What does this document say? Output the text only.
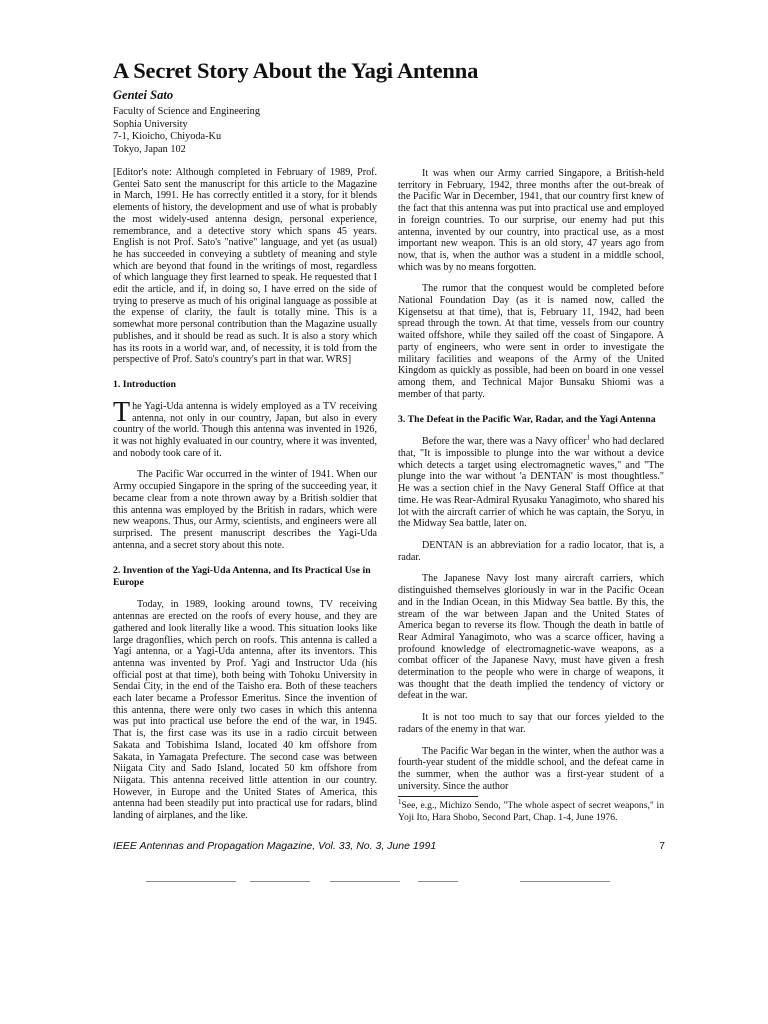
A Secret Story About the Yagi Antenna
Gentei Sato
Faculty of Science and Engineering
Sophia University
7-1, Kioicho, Chiyoda-Ku
Tokyo, Japan 102

[Editor's note: Although completed in February of 1989, Prof. Gentei Sato sent the manuscript for this article to the Magazine in March, 1991. He has correctly entitled it a story, for it blends elements of history, the development and use of what is probably the most widely-used antenna design, personal experience, remembrance, and a detective story which spans 45 years. English is not Prof. Sato's "native" language, and yet (as usual) he has succeeded in conveying a subtlety of meaning and style which are beyond that found in the writings of most, regardless of which language they first learned to speak. He requested that I edit the article, and if, in doing so, I have erred on the side of trying to preserve as much of his original language as possible at the expense of clarity, the fault is totally mine. This is a somewhat more personal contribution than the Magazine usually publishes, and it should be read as such. It is also a story which has its roots in a world war, and, of necessity, it is told from the perspective of Prof. Sato's country's part in that war. WRS]

1. Introduction

The Yagi-Uda antenna is widely employed as a TV receiving antenna, not only in our country, Japan, but also in every country of the world. Though this antenna was invented in 1926, it was not highly evaluated in our country, where it was invented, and nobody took care of it.

The Pacific War occurred in the winter of 1941. When our Army occupied Singapore in the spring of the succeeding year, it became clear from a note thrown away by a British soldier that this antenna was employed by the British in radars, which were new weapons. Thus, our Army, scientists, and engineers were all surprised. The present manuscript describes the Yagi-Uda antenna, and a secret story about this note.

2. Invention of the Yagi-Uda Antenna, and Its Practical Use in Europe

Today, in 1989, looking around towns, TV receiving antennas are erected on the roofs of every house, and they are gathered and look literally like a wood. This situation looks like large dragonflies, which perch on roofs. This antenna is called a Yagi antenna, or a Yagi-Uda antenna, after its inventors. This antenna was invented by Prof. Yagi and Instructor Uda (his official post at that time), both being with Tohoku University in Sendai City, in the end of the Taisho era. Both of these teachers each later became a Professor Emeritus. Since the invention of this antenna, there were only two cases in which this antenna was put into practical use before the end of the war, in 1945. That is, the first case was its use in a radio circuit between Sakata and Tobishima Island, located 40 km offshore from Sakata, in Yamagata Prefecture. The second case was between Niigata City and Sado Island, located 50 km offshore from Niigata. This antenna received little attention in our country. However, in Europe and the United States of America, this antenna had been steadily put into practical use for radars, blind landing of airplanes, and the like.

It was when our Army carried Singapore, a British-held territory in February, 1942, three months after the out-break of the Pacific War in December, 1941, that our country first knew of the fact that this antenna was put into practical use and employed in foreign countries. To our surprise, our enemy had put this antenna, invented by our country, into practical use, as a most important new weapon. This is an old story, 47 years ago from now, that is, when the author was a student in a middle school, which was by no means forgotten.

The rumor that the conquest would be completed before National Foundation Day (as it is named now, called the Kigensetsu at that time), that is, February 11, 1942, had been spread through the town. At that time, vessels from our country waited offshore, while they sailed off the coast of Singapore. A party of engineers, who were sent in order to investigate the military facilities and weapons of the Army of the United Kingdom as quickly as possible, had been on board in one vessel among them, and Technical Major Bunsaku Shiomi was a member of that party.

3. The Defeat in the Pacific War, Radar, and the Yagi Antenna

Before the war, there was a Navy officer$^1$ who had declared that, "It is impossible to plunge into the war without a device which detects a target using electromagnetic waves," and "The plunge into the war without 'a DENTAN' is most thoughtless." He was a section chief in the Navy General Staff Office at that time. He was Rear-Admiral Ryusaku Yanagimoto, who shared his lot with the aircraft carrier of which he was captain, the Soryu, in the Midway Sea battle, later on.

DENTAN is an abbreviation for a radio locator, that is, a radar.

The Japanese Navy lost many aircraft carriers, which distinguished themselves gloriously in war in the Pacific Ocean and in the Indian Ocean, in this Midway Sea battle. By this, the stream of the war between Japan and the United States of America began to reverse its flow. Though the death in battle of Rear Admiral Yanagimoto, who was a scarce officer, having a profound knowledge of electromagnetic-wave weapons, as a combat officer of the Japanese Navy, must have given a fresh determination to the people who were in charge of weapons, it was thought that the death implied the tendency of victory or defeat in the war.

It is not too much to say that our forces yielded to the radars of the enemy in that war.

The Pacific War began in the winter, when the author was a fourth-year student of the middle school, and the defeat came in the summer, when the author was a first-year student of a university. Since the author

$^1$See, e.g., Michizo Sendo, "The whole aspect of secret weapons," in Yoji Ito, Hara Shobo, Second Part, Chap. 1-4, June 1976.

IEEE Antennas and Propagation Magazine, Vol. 33, No. 3, June 1991	7
